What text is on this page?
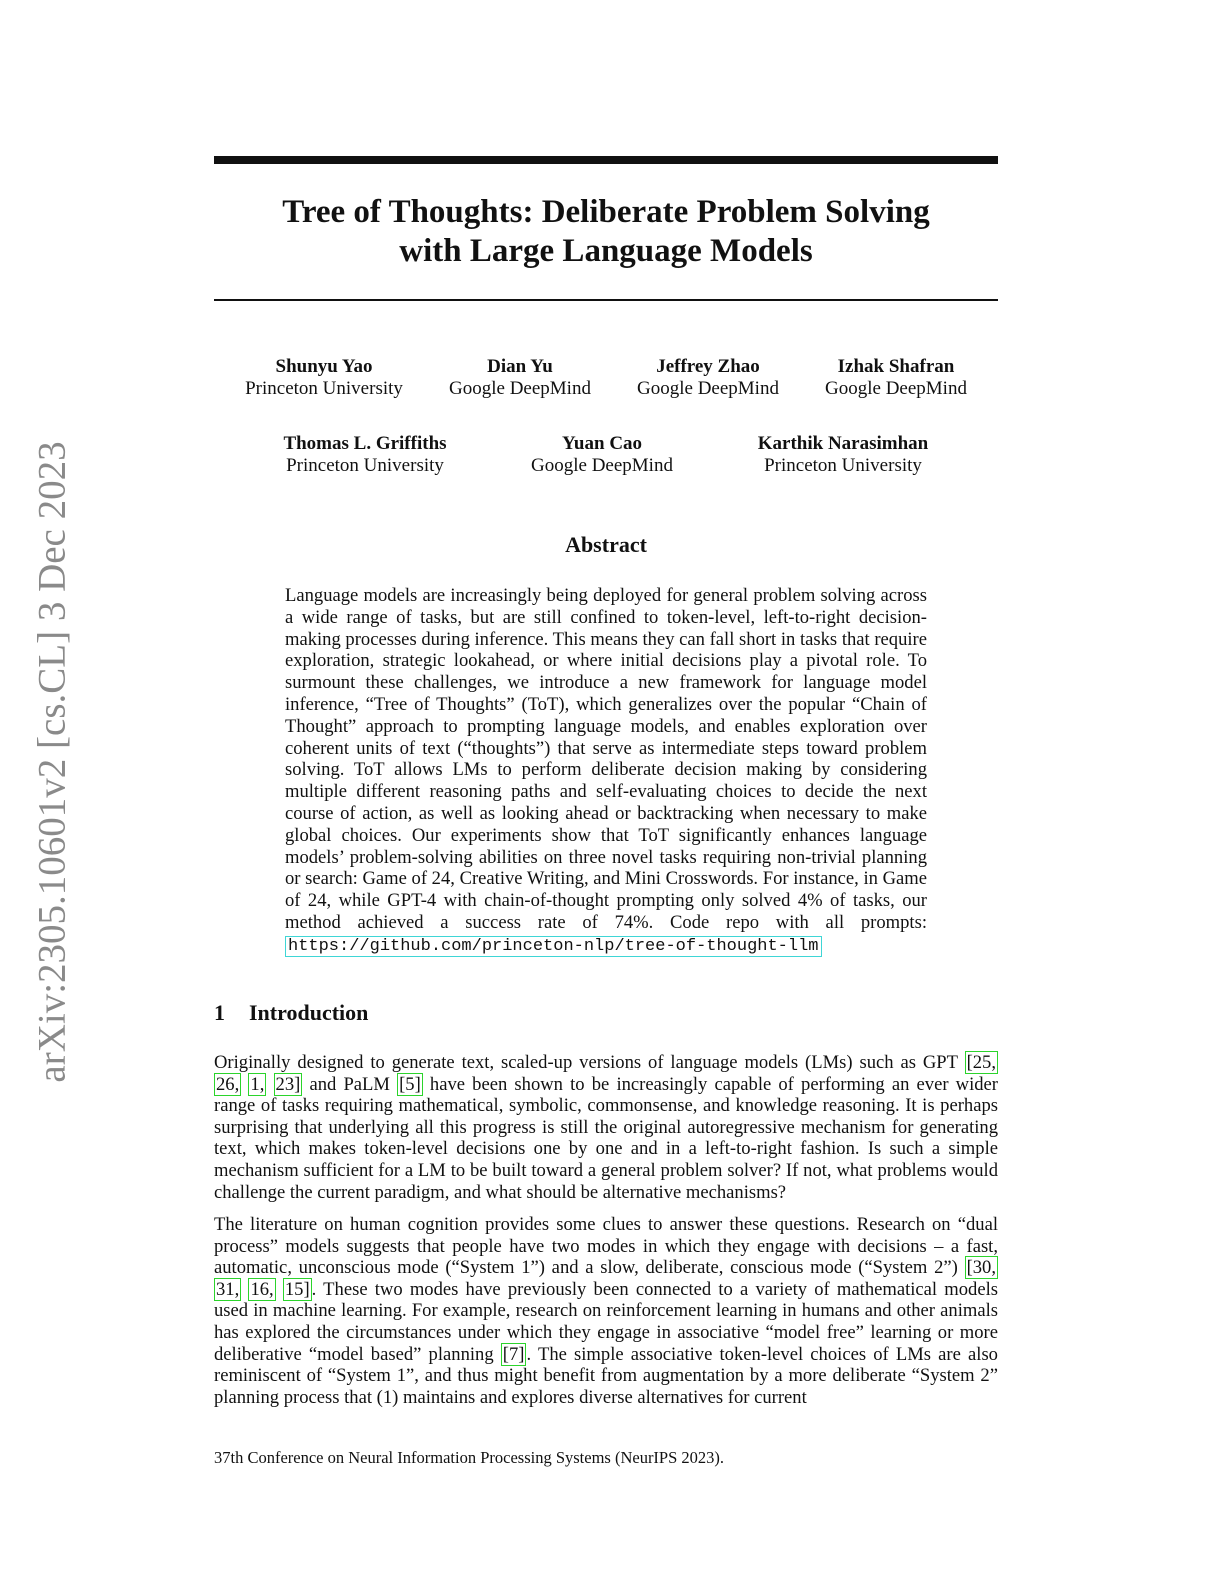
arXiv:2305.10601v2 [cs.CL] 3 Dec 2023
Tree of Thoughts: Deliberate Problem Solving
with Large Language Models
Shunyu Yao
Princeton University
Dian Yu
Google DeepMind
Jeffrey Zhao
Google DeepMind
Izhak Shafran
Google DeepMind
Thomas L. Griffiths
Princeton University
Yuan Cao
Google DeepMind
Karthik Narasimhan
Princeton University
Abstract

Language models are increasingly being deployed for general problem solving across a wide range of tasks, but are still confined to token-level, left-to-right decision-making processes during inference. This means they can fall short in tasks that require exploration, strategic lookahead, or where initial decisions play a pivotal role. To surmount these challenges, we introduce a new framework for language model inference, “Tree of Thoughts” (ToT), which generalizes over the popular “Chain of Thought” approach to prompting language models, and enables exploration over coherent units of text (“thoughts”) that serve as intermediate steps toward problem solving. ToT allows LMs to perform deliberate decision making by considering multiple different reasoning paths and self-evaluating choices to decide the next course of action, as well as looking ahead or backtracking when necessary to make global choices. Our experiments show that ToT significantly enhances language models’ problem-solving abilities on three novel tasks requiring non-trivial planning or search: Game of 24, Creative Writing, and Mini Crosswords. For instance, in Game of 24, while GPT-4 with chain-of-thought prompting only solved 4% of tasks, our method achieved a success rate of 74%. Code repo with all prompts: https://github.com/princeton-nlp/tree-of-thought-llm

1 Introduction

Originally designed to generate text, scaled-up versions of language models (LMs) such as GPT [25, 26, 1, 23] and PaLM [5] have been shown to be increasingly capable of performing an ever wider range of tasks requiring mathematical, symbolic, commonsense, and knowledge reasoning. It is perhaps surprising that underlying all this progress is still the original autoregressive mechanism for generating text, which makes token-level decisions one by one and in a left-to-right fashion. Is such a simple mechanism sufficient for a LM to be built toward a general problem solver? If not, what problems would challenge the current paradigm, and what should be alternative mechanisms?

The literature on human cognition provides some clues to answer these questions. Research on “dual process” models suggests that people have two modes in which they engage with decisions – a fast, automatic, unconscious mode (“System 1”) and a slow, deliberate, conscious mode (“System 2”) [30, 31, 16, 15] . These two modes have previously been connected to a variety of mathematical models used in machine learning. For example, research on reinforcement learning in humans and other animals has explored the circumstances under which they engage in associative “model free” learning or more deliberative “model based” planning [7] . The simple associative token-level choices of LMs are also reminiscent of “System 1”, and thus might benefit from augmentation by a more deliberate “System 2” planning process that (1) maintains and explores diverse alternatives for current

37th Conference on Neural Information Processing Systems (NeurIPS 2023).
